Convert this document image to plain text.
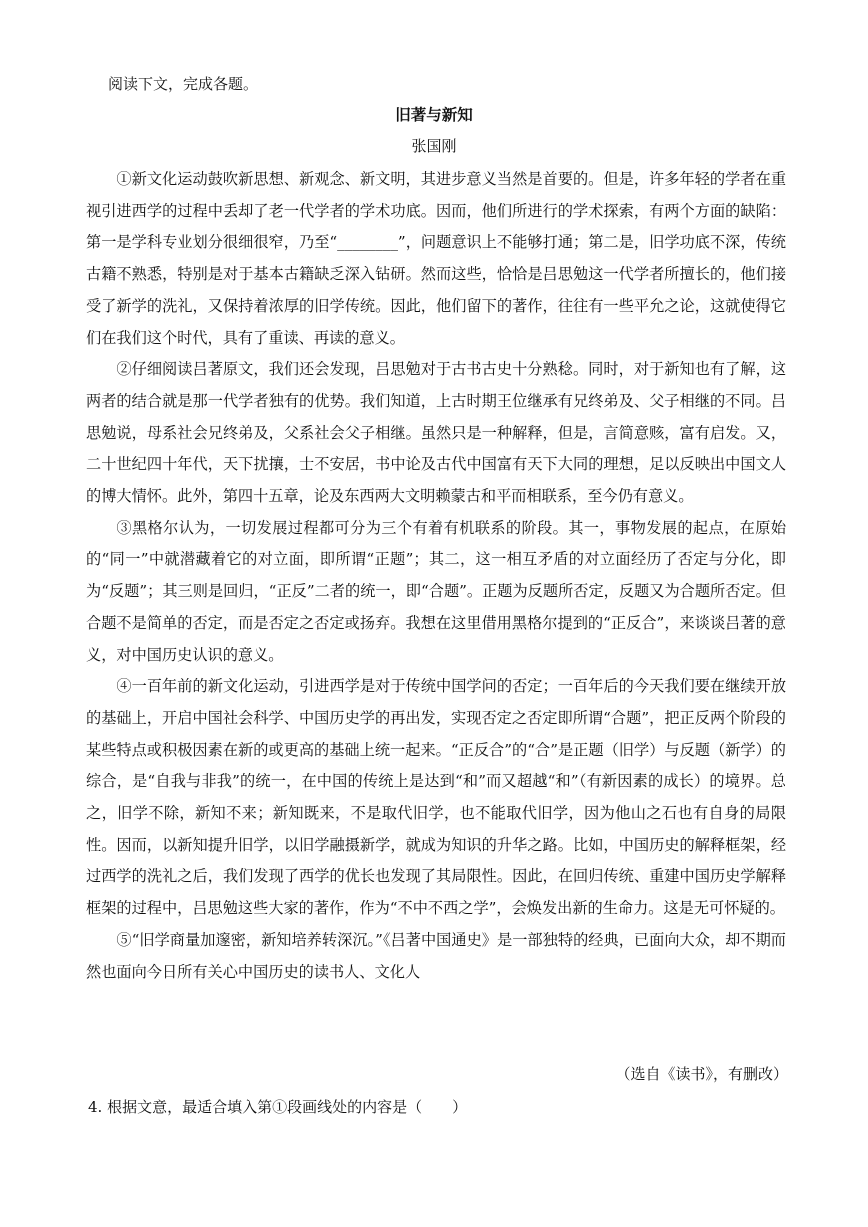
阅读下文，完成各题。
旧著与新知
张国刚

①新文化运动鼓吹新思想、新观念、新文明，其进步意义当然是首要的。但是，许多年轻的学者在重视引进西学的过程中丢却了老一代学者的学术功底。因而，他们所进行的学术探索，有两个方面的缺陷：第一是学科专业划分很细很窄，乃至“________”，问题意识上不能够打通；第二是，旧学功底不深，传统古籍不熟悉，特别是对于基本古籍缺乏深入钻研。然而这些，恰恰是吕思勉这一代学者所擅长的，他们接受了新学的洗礼，又保持着浓厚的旧学传统。因此，他们留下的著作，往往有一些平允之论，这就使得它们在我们这个时代，具有了重读、再读的意义。

②仔细阅读吕著原文，我们还会发现，吕思勉对于古书古史十分熟稔。同时，对于新知也有了解，这两者的结合就是那一代学者独有的优势。我们知道，上古时期王位继承有兄终弟及、父子相继的不同。吕思勉说，母系社会兄终弟及，父系社会父子相继。虽然只是一种解释，但是，言简意赅，富有启发。又，二十世纪四十年代，天下扰攘，士不安居，书中论及古代中国富有天下大同的理想，足以反映出中国文人的博大情怀。此外，第四十五章，论及东西两大文明赖蒙古和平而相联系，至今仍有意义。

③黑格尔认为，一切发展过程都可分为三个有着有机联系的阶段。其一，事物发展的起点，在原始的“同一”中就潜藏着它的对立面，即所谓“正题”；其二，这一相互矛盾的对立面经历了否定与分化，即为“反题”；其三则是回归，“正反”二者的统一，即“合题”。正题为反题所否定，反题又为合题所否定。但合题不是简单的否定，而是否定之否定或扬弃。我想在这里借用黑格尔提到的“正反合”，来谈谈吕著的意义，对中国历史认识的意义。

④一百年前的新文化运动，引进西学是对于传统中国学问的否定；一百年后的今天我们要在继续开放的基础上，开启中国社会科学、中国历史学的再出发，实现否定之否定即所谓“合题”，把正反两个阶段的某些特点或积极因素在新的或更高的基础上统一起来。“正反合”的“合”是正题（旧学）与反题（新学）的综合，是“自我与非我”的统一，在中国的传统上是达到“和”而又超越“和”（有新因素的成长）的境界。总之，旧学不除，新知不来；新知既来，不是取代旧学，也不能取代旧学，因为他山之石也有自身的局限性。因而，以新知提升旧学，以旧学融摄新学，就成为知识的升华之路。比如，中国历史的解释框架，经过西学的洗礼之后，我们发现了西学的优长也发现了其局限性。因此，在回归传统、重建中国历史学解释框架的过程中，吕思勉这些大家的著作，作为“不中不西之学”，会焕发出新的生命力。这是无可怀疑的。

⑤“旧学商量加邃密，新知培养转深沉。”《吕著中国通史》是一部独特的经典，已面向大众，却不期而然也面向今日所有关心中国历史的读书人、文化人

（选自《读书》，有删改）
4. 根据文意，最适合填入第①段画线处的内容是（　　）
